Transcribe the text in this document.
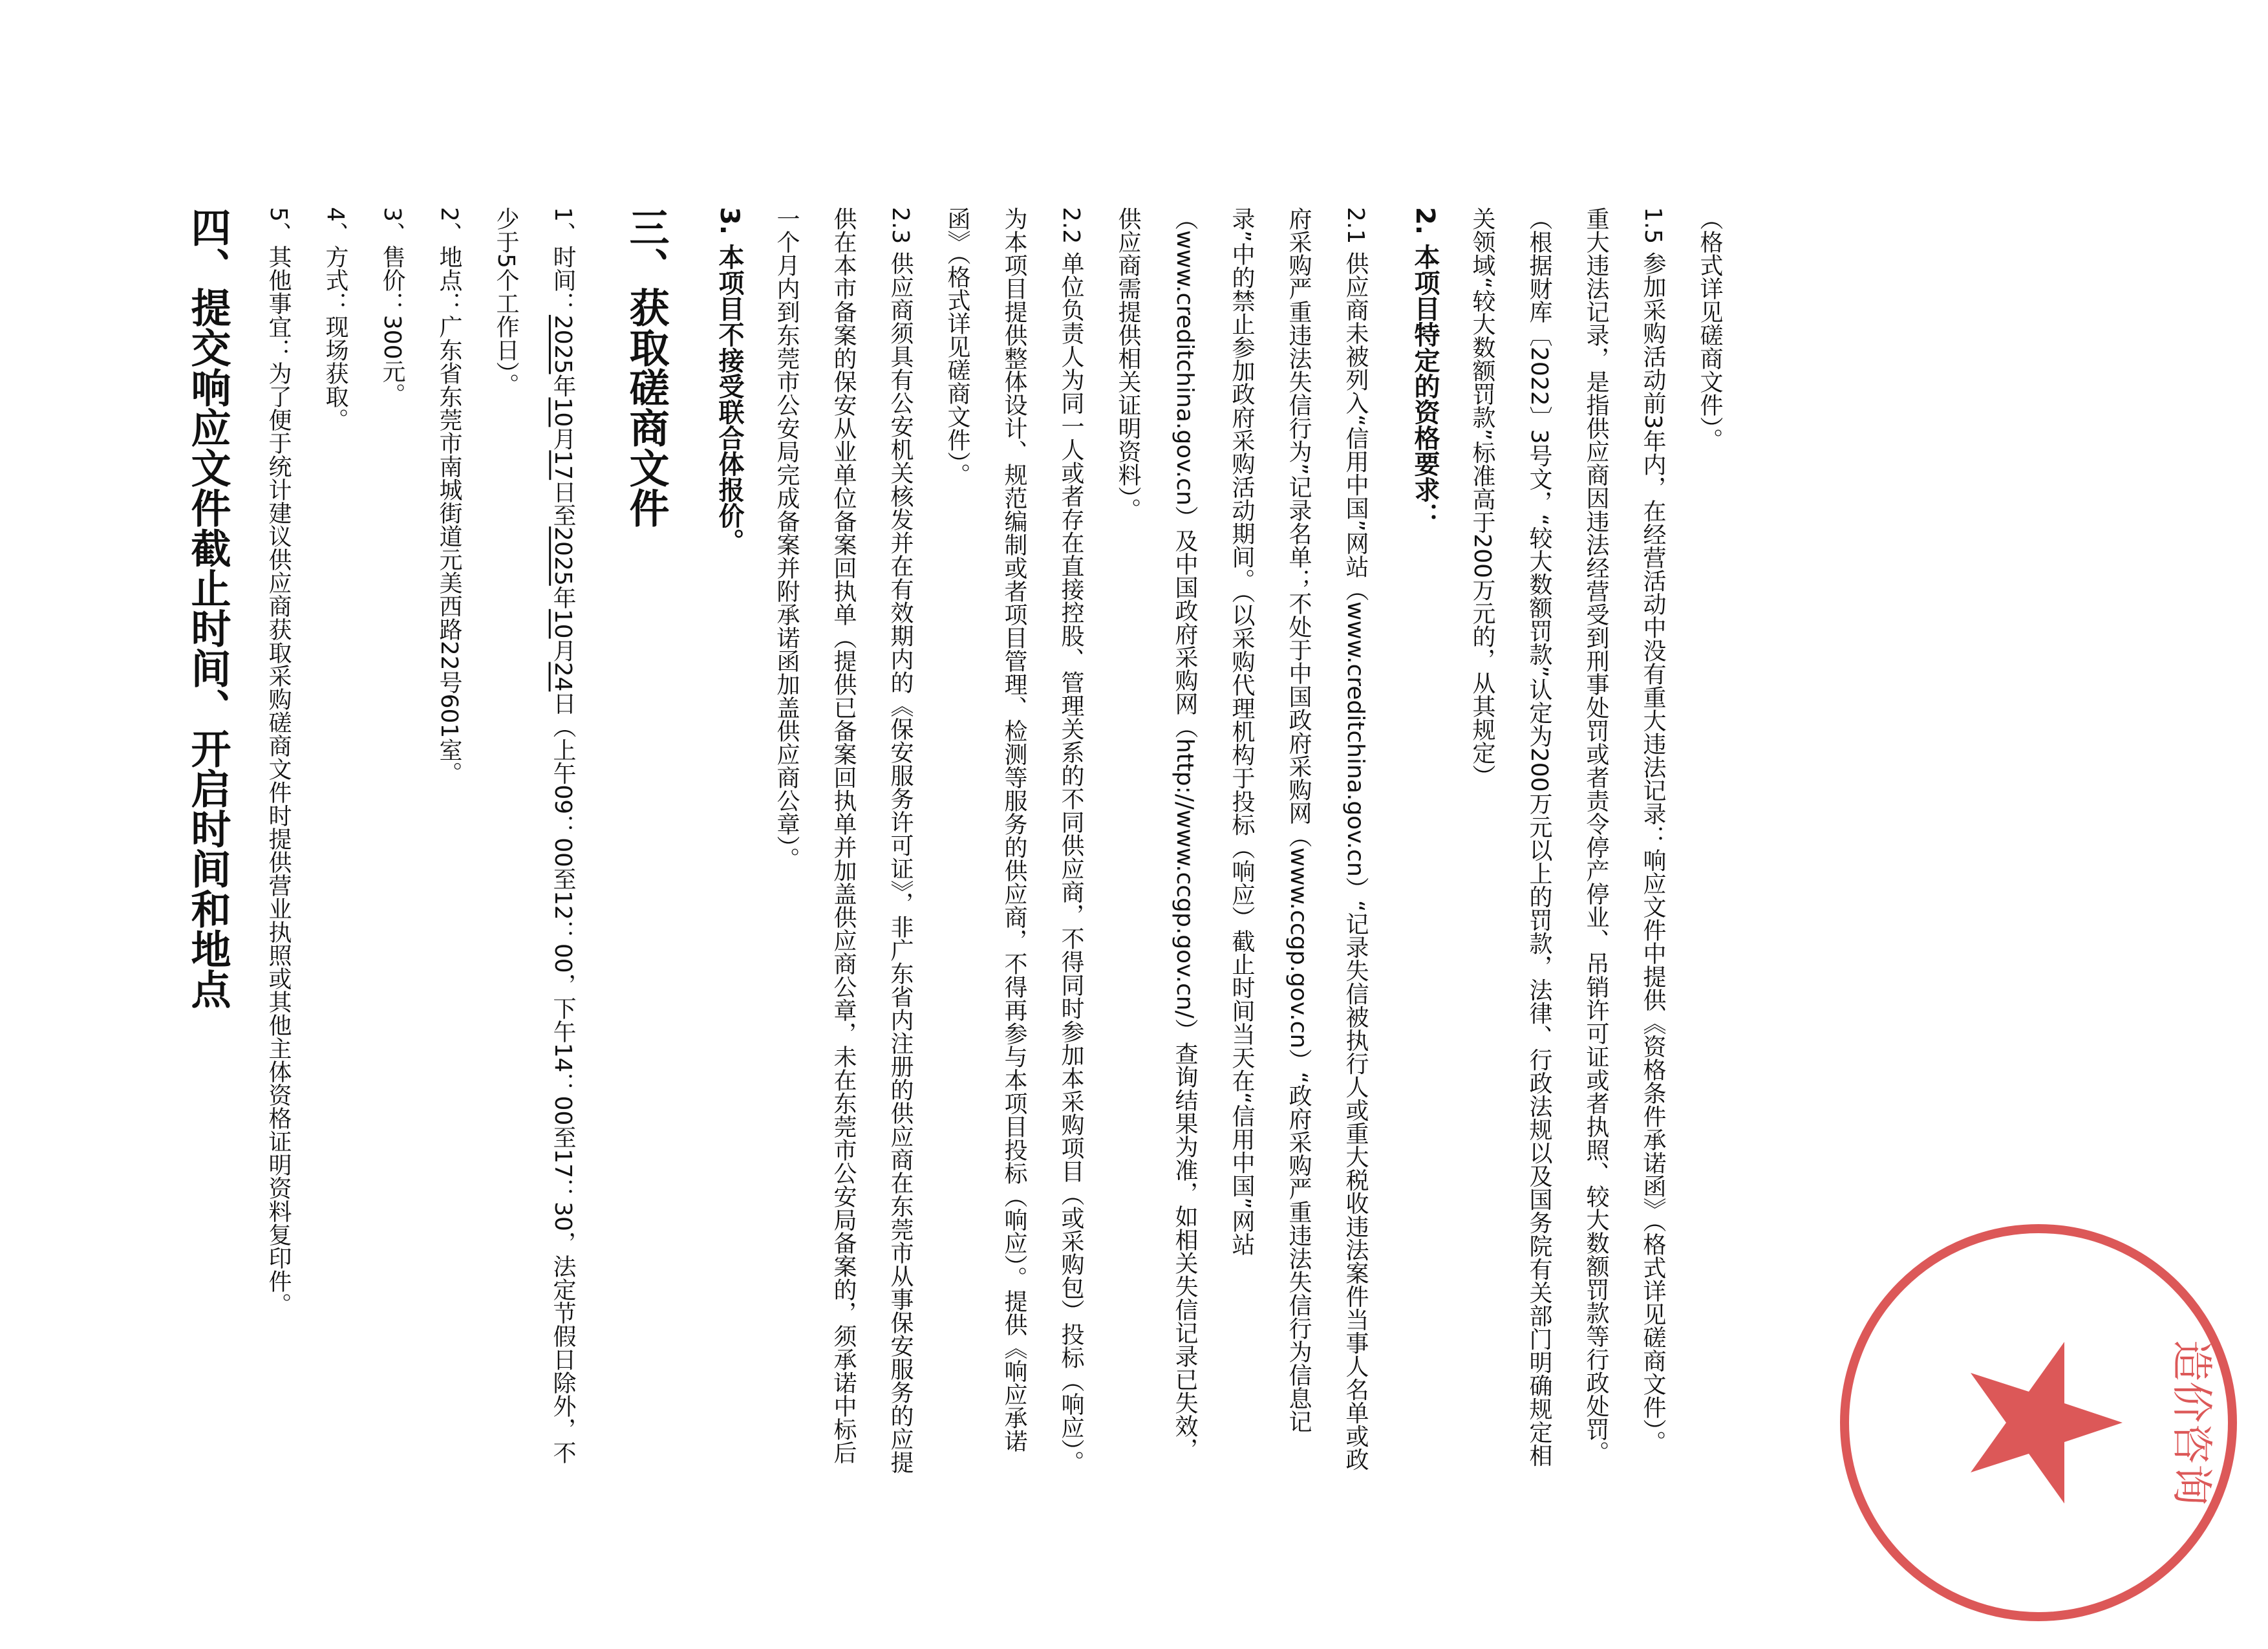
（格式详见磋商文件）。

1.5 参加采购活动前3年内，在经营活动中没有重大违法记录：响应文件中提供《资格条件承诺函》（格式详见磋商文件）。重大违法记录，是指供应商因违法经营受到刑事处罚或者责令停产停业、吊销许可证或者执照、较大数额罚款等行政处罚。（根据财库〔2022〕3号文，“较大数额罚款”认定为200万元以上的罚款，法律、行政法规以及国务院有关部门明确规定相关领域“较大数额罚款”标准高于200万元的，从其规定）

2. 本项目特定的资格要求：

2.1 供应商未被列入“信用中国”网站（www.creditchina.gov.cn）“记录失信被执行人或重大税收违法案件当事人名单或政府采购严重违法失信行为”记录名单；不处于中国政府采购网（www.ccgp.gov.cn）“政府采购严重违法失信行为信息记录”中的禁止参加政府采购活动期间。（以采购代理机构于投标（响应）截止时间当天在“信用中国”网站（www.creditchina.gov.cn）及中国政府采购网（http://www.ccgp.gov.cn/）查询结果为准，如相关失信记录已失效，供应商需提供相关证明资料）。

2.2 单位负责人为同一人或者存在直接控股、管理关系的不同供应商，不得同时参加本采购项目（或采购包）投标（响应）。为本项目提供整体设计、规范编制或者项目管理、检测等服务的供应商，不得再参与本项目投标（响应）。提供《响应承诺函》（格式详见磋商文件）。

2.3 供应商须具有公安机关核发并在有效期内的《保安服务许可证》，非广东省内注册的供应商在东莞市从事保安服务的应提供在本市备案的保安从业单位备案回执单（提供已备案回执单并加盖供应商公章，未在东莞市公安局备案的，须承诺中标后一个月内到东莞市公安局完成备案并附承诺函加盖供应商公章）。

3. 本项目不接受联合体报价。

三、获取磋商文件

1、时间：2025年10月17日至2025年10月24日（上午09：00至12：00，下午14：00至17：30，法定节假日除外，不少于5个工作日）。

2、地点：广东省东莞市南城街道元美西路22号601室。

3、售价：300元。

4、方式：现场获取。

5、其他事宜：为了便于统计建议供应商获取采购磋商文件时提供营业执照或其他主体资格证明资料复印件。

四、提交响应文件截止时间、开启时间和地点

造价咨询
